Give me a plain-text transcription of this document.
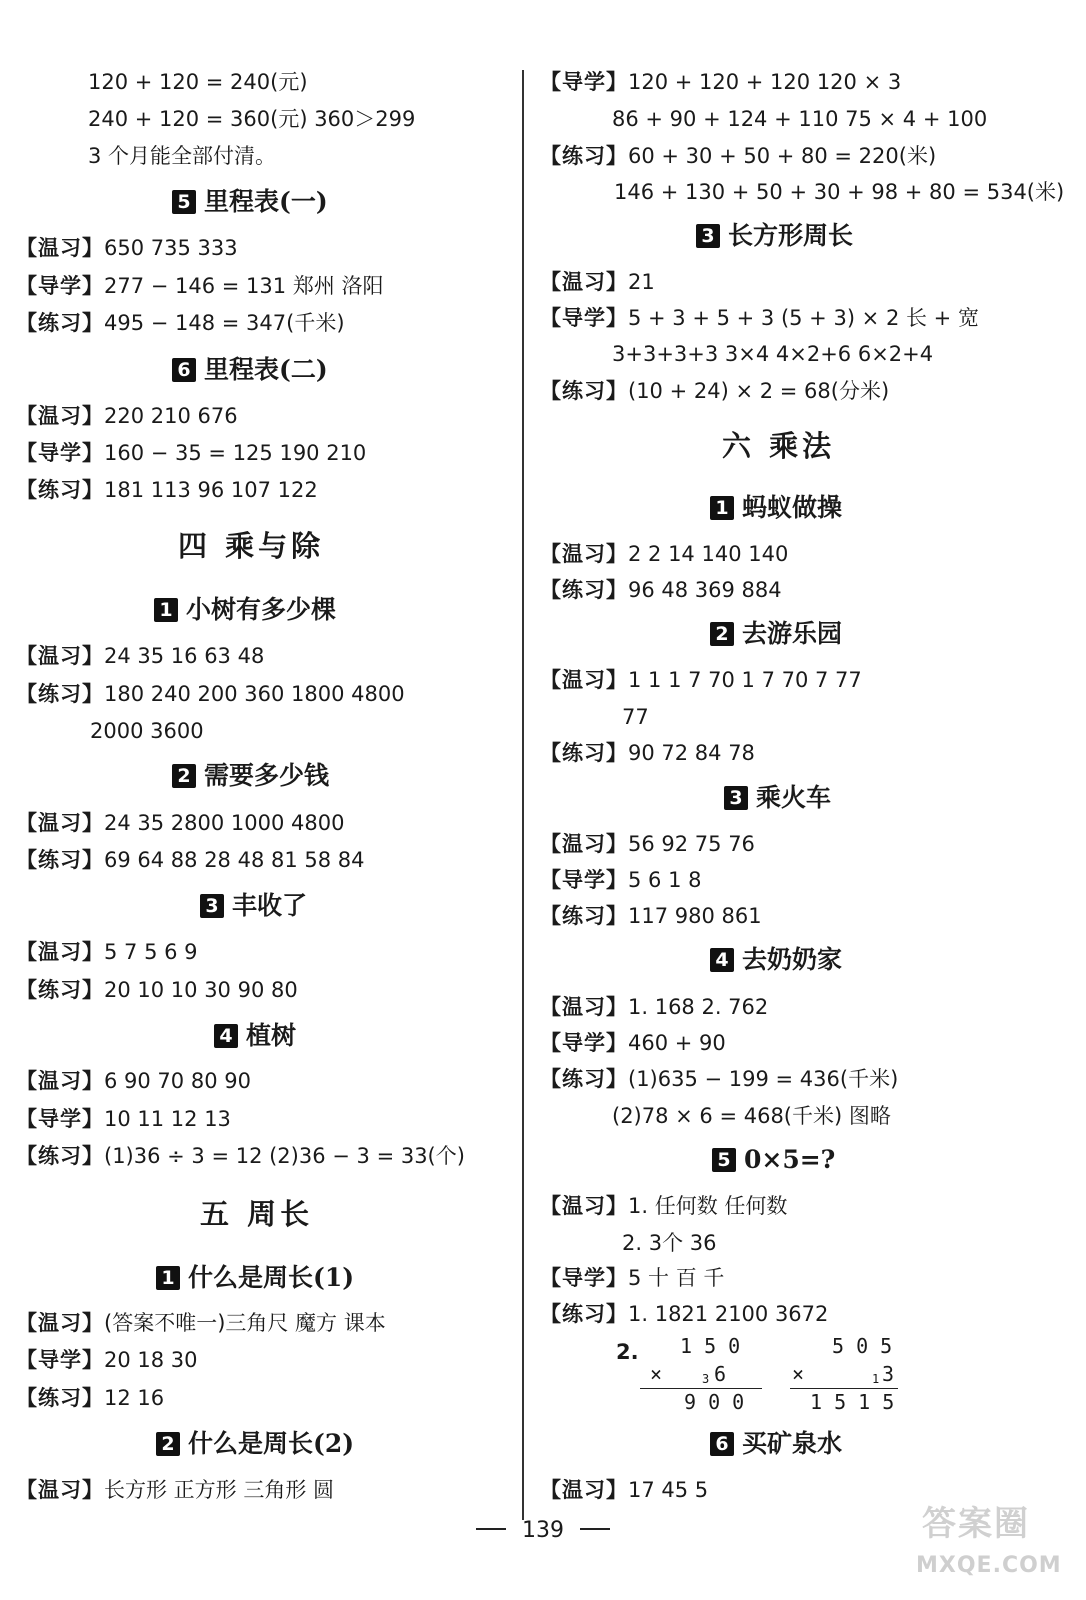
120 + 120 = 240(元)
240 + 120 = 360(元) 360＞299
3 个月能全部付清。
5 里程表(一)
【温习】650 735 333
【导学】277 − 146 = 131 郑州 洛阳
【练习】495 − 148 = 347(千米)
6 里程表(二)
【温习】220 210 676
【导学】160 − 35 = 125 190 210
【练习】181 113 96 107 122
四 乘与除
1 小树有多少棵
【温习】24 35 16 63 48
【练习】180 240 200 360 1800 4800
2000 3600
2 需要多少钱
【温习】24 35 2800 1000 4800
【练习】69 64 88 28 48 81 58 84
3 丰收了
【温习】5 7 5 6 9
【练习】20 10 10 30 90 80
4 植树
【温习】6 90 70 80 90
【导学】10 11 12 13
【练习】(1)36 ÷ 3 = 12 (2)36 − 3 = 33(个)
五 周长
1 什么是周长(1)
【温习】(答案不唯一)三角尺 魔方 课本
【导学】20 18 30
【练习】12 16
2 什么是周长(2)
【温习】长方形 正方形 三角形 圆
【导学】120 + 120 + 120 120 × 3
86 + 90 + 124 + 110 75 × 4 + 100
【练习】60 + 30 + 50 + 80 = 220(米)
146 + 130 + 50 + 30 + 98 + 80 = 534(米)
3 长方形周长
【温习】21
【导学】5 + 3 + 5 + 3 (5 + 3) × 2 长 + 宽
3+3+3+3 3×4 4×2+6 6×2+4
【练习】(10 + 24) × 2 = 68(分米)
六 乘法
1 蚂蚁做操
【温习】2 2 14 140 140
【练习】96 48 369 884
2 去游乐园
【温习】1 1 1 7 70 1 7 70 7 77
77
【练习】90 72 84 78
3 乘火车
【温习】56 92 75 76
【导学】5 6 1 8
【练习】117 980 861
4 去奶奶家
【温习】1. 168 2. 762
【导学】460 + 90
【练习】(1)635 − 199 = 436(千米)
(2)78 × 6 = 468(千米) 图略
5 0×5=?
【温习】1. 任何数 任何数
2. 3个 36
【导学】5 十 百 千
【练习】1. 1821 2100 3672
2. 1 5 0
×	3 6
9 0 0
5 0 5
×	1 3
1 5 1 5
6 买矿泉水
【温习】17 45 5
139	答案圈
MXQE.COM
